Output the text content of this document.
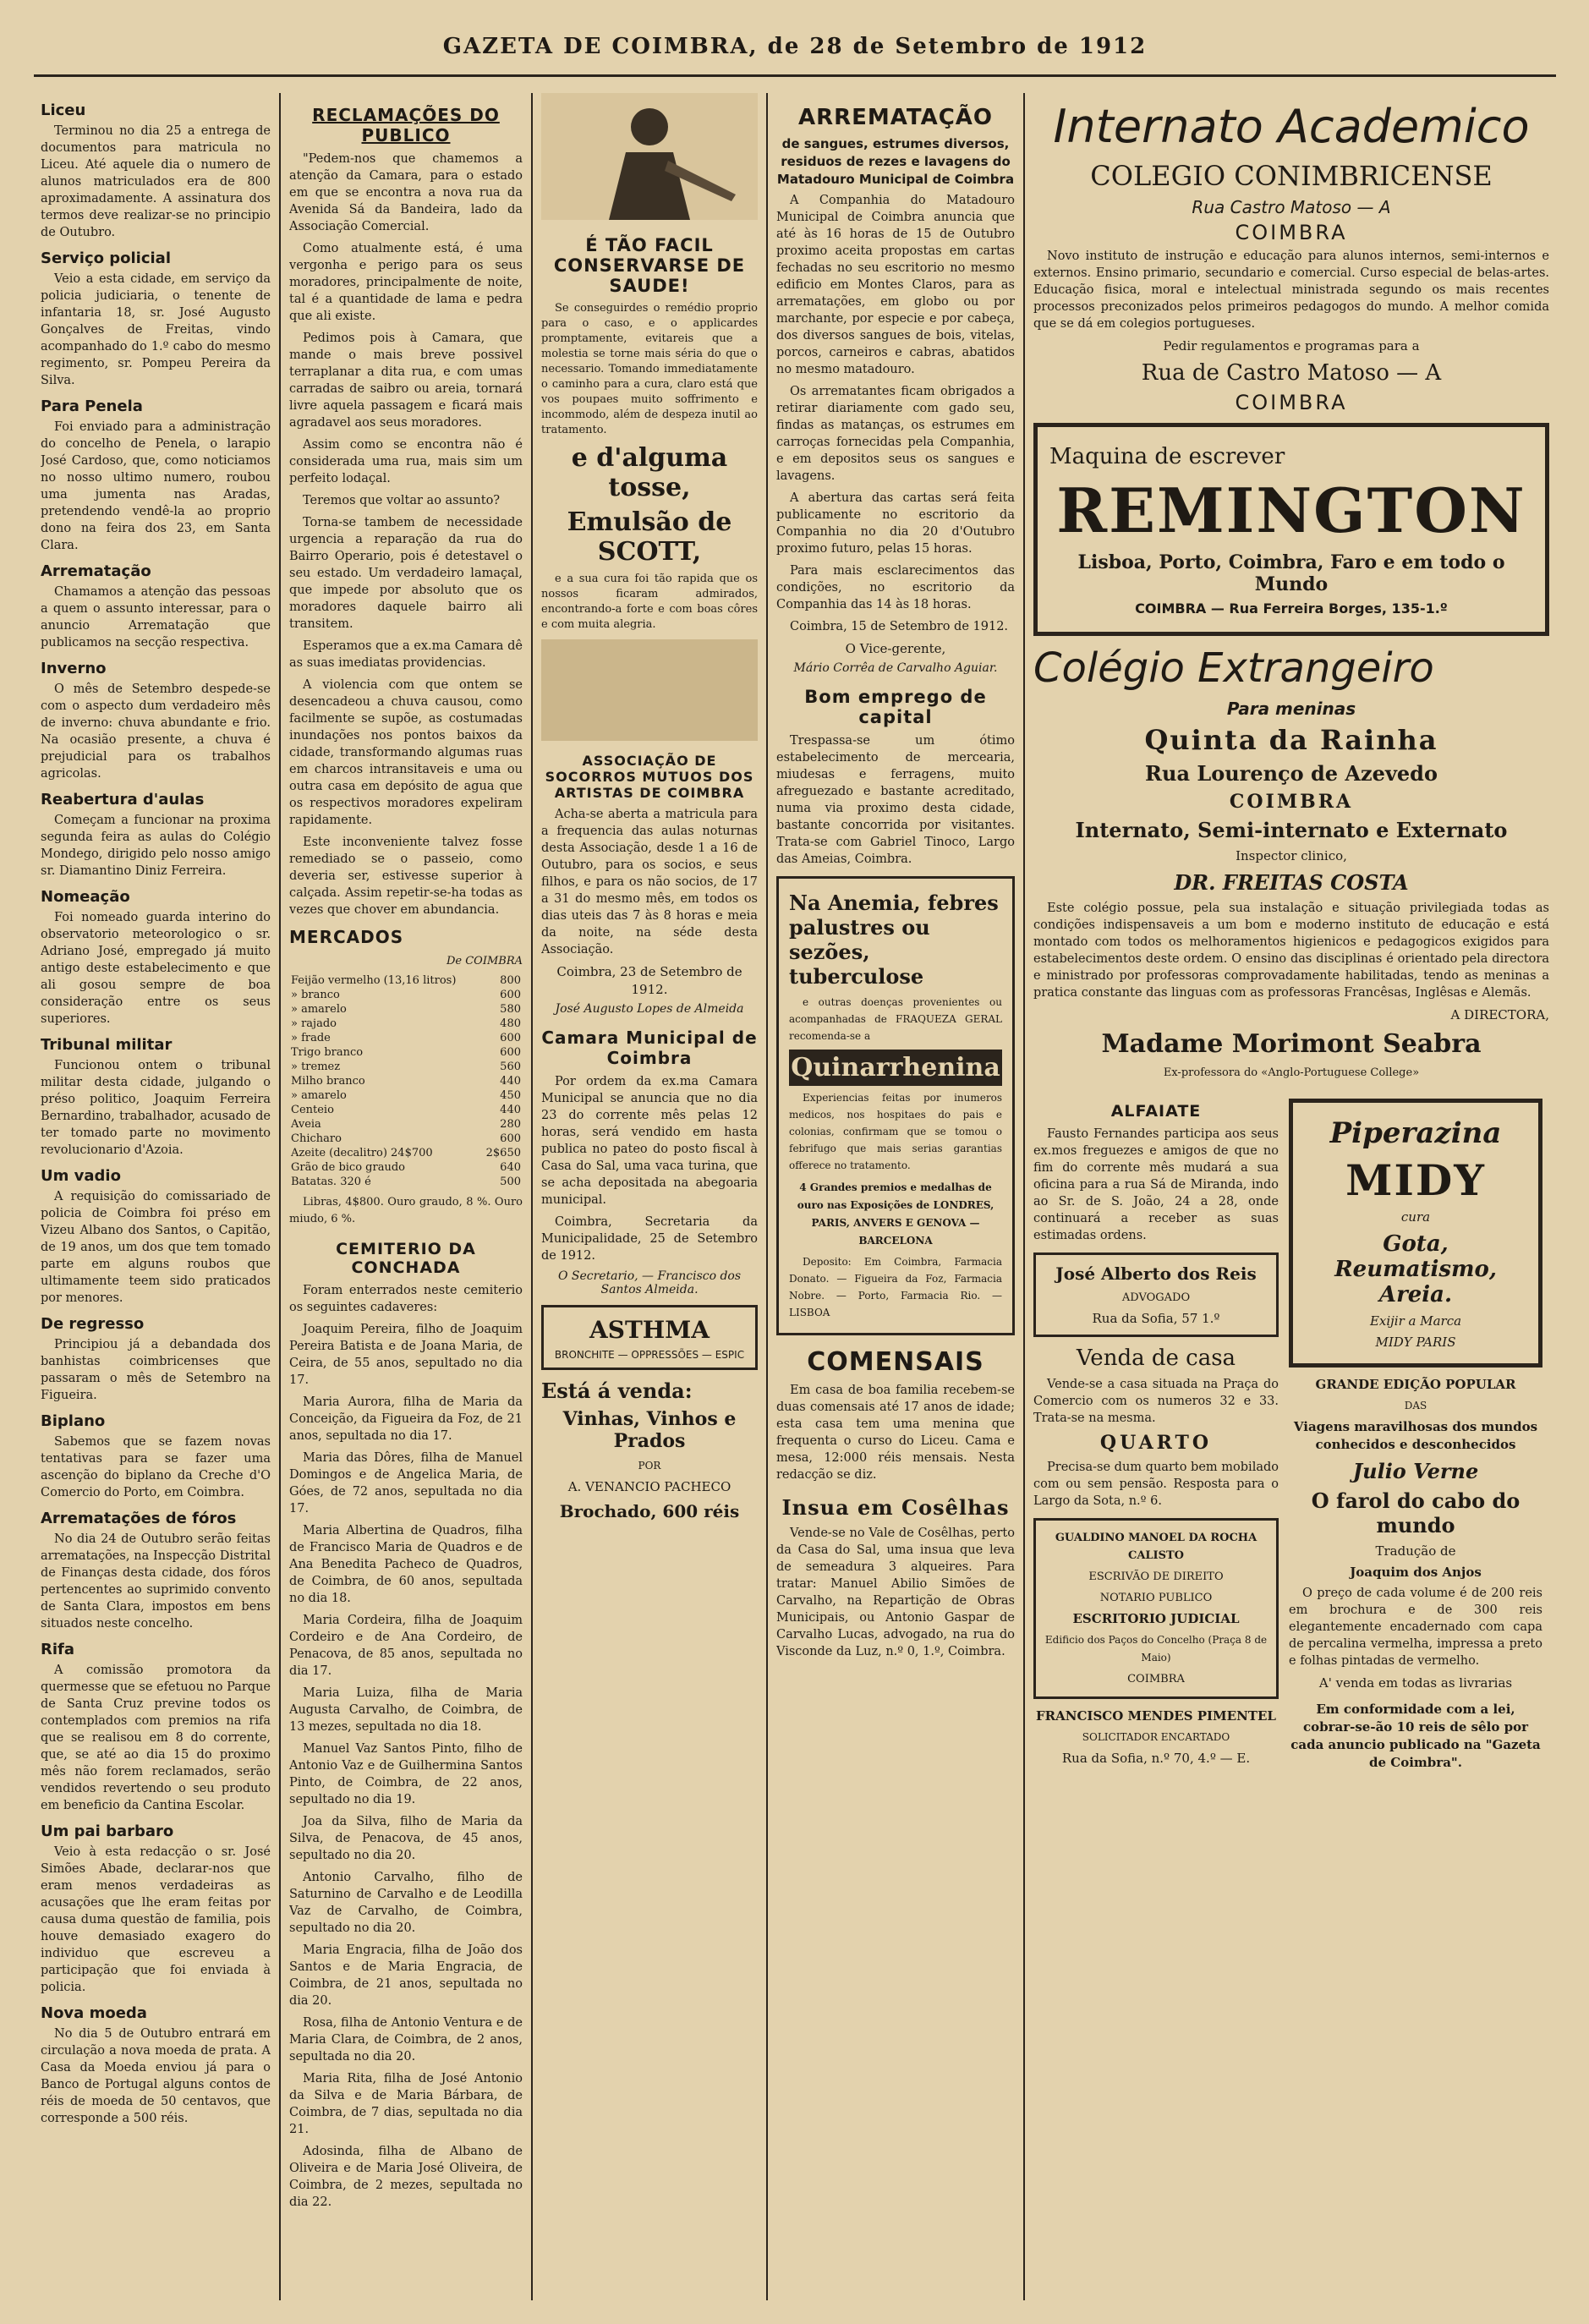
GAZETA DE COIMBRA, de 28 de Setembro de 1912
Liceu
Terminou no dia 25 a entrega de documentos para matricula no Liceu. Até aquele dia o numero de alunos matriculados era de 800 aproximadamente. A assinatura dos termos deve realizar-se no principio de Outubro.
Serviço policial
Veio a esta cidade, em serviço da policia judiciaria, o tenente de infantaria 18, sr. José Augusto Gonçalves de Freitas, vindo acompanhado do 1.º cabo do mesmo regimento, sr. Pompeu Pereira da Silva.
Para Penela
Foi enviado para a administração do concelho de Penela, o larapio José Cardoso, que, como noticiamos no nosso ultimo numero, roubou uma jumenta nas Aradas, pretendendo vendê-la ao proprio dono na feira dos 23, em Santa Clara.
Arrematação
Chamamos a atenção das pessoas a quem o assunto interessar, para o anuncio Arrematação que publicamos na secção respectiva.
Inverno
O mês de Setembro despede-se com o aspecto dum verdadeiro mês de inverno: chuva abundante e frio. Na ocasião presente, a chuva é prejudicial para os trabalhos agricolas.
Reabertura d'aulas
Começam a funcionar na proxima segunda feira as aulas do Colégio Mondego, dirigido pelo nosso amigo sr. Diamantino Diniz Ferreira.
Nomeação
Foi nomeado guarda interino do observatorio meteorologico o sr. Adriano José, empregado já muito antigo deste estabelecimento e que ali gosou sempre de boa consideração entre os seus superiores.
Tribunal militar
Funcionou ontem o tribunal militar desta cidade, julgando o préso politico, Joaquim Ferreira Bernardino, trabalhador, acusado de ter tomado parte no movimento revolucionario d'Azoia.
Um vadio
A requisição do comissariado de policia de Coimbra foi préso em Vizeu Albano dos Santos, o Capitão, de 19 anos, um dos que tem tomado parte em alguns roubos que ultimamente teem sido praticados por menores.
De regresso
Principiou já a debandada dos banhistas coimbricenses que passaram o mês de Setembro na Figueira.
Biplano
Sabemos que se fazem novas tentativas para se fazer uma ascenção do biplano da Creche d'O Comercio do Porto, em Coimbra.
Arrematações de fóros
No dia 24 de Outubro serão feitas arrematações, na Inspecção Distrital de Finanças desta cidade, dos fóros pertencentes ao suprimido convento de Santa Clara, impostos em bens situados neste concelho.
Rifa
A comissão promotora da quermesse que se efetuou no Parque de Santa Cruz previne todos os contemplados com premios na rifa que se realisou em 8 do corrente, que, se até ao dia 15 do proximo mês não forem reclamados, serão vendidos revertendo o seu produto em beneficio da Cantina Escolar.
Um pai barbaro
Veio à esta redacção o sr. José Simões Abade, declarar-nos que eram menos verdadeiras as acusações que lhe eram feitas por causa duma questão de familia, pois houve demasiado exagero do individuo que escreveu a participação que foi enviada à policia.
Nova moeda
No dia 5 de Outubro entrará em circulação a nova moeda de prata. A Casa da Moeda enviou já para o Banco de Portugal alguns contos de réis de moeda de 50 centavos, que corresponde a 500 réis.
RECLAMAÇÕES DO PUBLICO
"Pedem-nos que chamemos a atenção da Camara, para o estado em que se encontra a nova rua da Avenida Sá da Bandeira, lado da Associação Comercial.
Como atualmente está, é uma vergonha e perigo para os seus moradores, principalmente de noite, tal é a quantidade de lama e pedra que ali existe.
Pedimos pois à Camara, que mande o mais breve possivel terraplanar a dita rua, e com umas carradas de saibro ou areia, tornará livre aquela passagem e ficará mais agradavel aos seus moradores.
Assim como se encontra não é considerada uma rua, mais sim um perfeito lodaçal.
Teremos que voltar ao assunto?
Torna-se tambem de necessidade urgencia a reparação da rua do Bairro Operario, pois é detestavel o seu estado. Um verdadeiro lamaçal, que impede por absoluto que os moradores daquele bairro ali transitem.
Esperamos que a ex.ma Camara dê as suas imediatas providencias.
A violencia com que ontem se desencadeou a chuva causou, como facilmente se supõe, as costumadas inundações nos pontos baixos da cidade, transformando algumas ruas em charcos intransitaveis e uma ou outra casa em depósito de agua que os respectivos moradores expeliram rapidamente.
Este inconveniente talvez fosse remediado se o passeio, como deveria ser, estivesse superior à calçada. Assim repetir-se-ha todas as vezes que chover em abundancia.
MERCADOS
De COIMBRA
Feijão vermelho (13,16 litros)	800
» branco	600
» amarelo	580
» rajado	480
» frade	600
Trigo branco	600
» tremez	560
Milho branco	440
» amarelo	450
Centeio	440
Aveia	280
Chicharo	600
Azeite (decalitro) 24$700	2$650
Grão de bico graudo	640
Batatas. 320 é	500
Libras, 4$800. Ouro graudo, 8 %. Ouro miudo, 6 %.
CEMITERIO DA CONCHADA
Foram enterrados neste cemiterio os seguintes cadaveres:
Joaquim Pereira, filho de Joaquim Pereira Batista e de Joana Maria, de Ceira, de 55 anos, sepultado no dia 17.
Maria Aurora, filha de Maria da Conceição, da Figueira da Foz, de 21 anos, sepultada no dia 17.
Maria das Dôres, filha de Manuel Domingos e de Angelica Maria, de Góes, de 72 anos, sepultada no dia 17.
Maria Albertina de Quadros, filha de Francisco Maria de Quadros e de Ana Benedita Pacheco de Quadros, de Coimbra, de 60 anos, sepultada no dia 18.
Maria Cordeira, filha de Joaquim Cordeiro e de Ana Cordeiro, de Penacova, de 85 anos, sepultada no dia 17.
Maria Luiza, filha de Maria Augusta Carvalho, de Coimbra, de 13 mezes, sepultada no dia 18.
Manuel Vaz Santos Pinto, filho de Antonio Vaz e de Guilhermina Santos Pinto, de Coimbra, de 22 anos, sepultado no dia 19.
Joa da Silva, filho de Maria da Silva, de Penacova, de 45 anos, sepultado no dia 20.
Antonio Carvalho, filho de Saturnino de Carvalho e de Leodilla Vaz de Carvalho, de Coimbra, sepultado no dia 20.
Maria Engracia, filha de João dos Santos e de Maria Engracia, de Coimbra, de 21 anos, sepultada no dia 20.
Rosa, filha de Antonio Ventura e de Maria Clara, de Coimbra, de 2 anos, sepultada no dia 20.
Maria Rita, filha de José Antonio da Silva e de Maria Bárbara, de Coimbra, de 7 dias, sepultada no dia 21.
Adosinda, filha de Albano de Oliveira e de Maria José Oliveira, de Coimbra, de 2 mezes, sepultada no dia 22.
É TÃO FACIL CONSERVARSE DE SAUDE!
Se conseguirdes o remédio proprio para o caso, e o applicardes promptamente, evitareis que a molestia se torne mais séria do que o necessario. Tomando immediatamente o caminho para a cura, claro está que vos poupaes muito soffrimento e incommodo, além de despeza inutil ao tratamento.
e d'alguma tosse,
Emulsão de SCOTT,
e a sua cura foi tão rapida que os nossos ficaram admirados, encontrando-a forte e com boas côres e com muita alegria.
ASSOCIAÇÃO DE SOCORROS MUTUOS DOS ARTISTAS DE COIMBRA
Acha-se aberta a matricula para a frequencia das aulas noturnas desta Associação, desde 1 a 16 de Outubro, para os socios, e seus filhos, e para os não socios, de 17 a 31 do mesmo mês, em todos os dias uteis das 7 às 8 horas e meia da noite, na séde desta Associação.
Coimbra, 23 de Setembro de 1912.
José Augusto Lopes de Almeida
Camara Municipal de Coimbra
Por ordem da ex.ma Camara Municipal se anuncia que no dia 23 do corrente mês pelas 12 horas, será vendido em hasta publica no pateo do posto fiscal à Casa do Sal, uma vaca turina, que se acha depositada na abegoaria municipal.
Coimbra, Secretaria da Municipalidade, 25 de Setembro de 1912.
O Secretario, — Francisco dos Santos Almeida.
ASTHMA
BRONCHITE — OPPRESSÕES — ESPIC
Está á venda:
Vinhas, Vinhos e Prados
POR
A. VENANCIO PACHECO
Brochado, 600 réis
ARREMATAÇÃO
de sangues, estrumes diversos, residuos de rezes e lavagens do Matadouro Municipal de Coimbra
A Companhia do Matadouro Municipal de Coimbra anuncia que até às 16 horas de 15 de Outubro proximo aceita propostas em cartas fechadas no seu escritorio no mesmo edificio em Montes Claros, para as arrematações, em globo ou por marchante, por especie e por cabeça, dos diversos sangues de bois, vitelas, porcos, carneiros e cabras, abatidos no mesmo matadouro.
Os arrematantes ficam obrigados a retirar diariamente com gado seu, findas as matanças, os estrumes em carroças fornecidas pela Companhia, e em depositos seus os sangues e lavagens.
A abertura das cartas será feita publicamente no escritorio da Companhia no dia 20 d'Outubro proximo futuro, pelas 15 horas.
Para mais esclarecimentos das condições, no escritorio da Companhia das 14 às 18 horas.
Coimbra, 15 de Setembro de 1912.
O Vice-gerente,
Mário Corrêa de Carvalho Aguiar.
Bom emprego de capital
Trespassa-se um ótimo estabelecimento de mercearia, miudesas e ferragens, muito afreguezado e bastante acreditado, numa via proximo desta cidade, bastante concorrida por visitantes. Trata-se com Gabriel Tinoco, Largo das Ameias, Coimbra.
Na Anemia, febres palustres ou sezões, tuberculose
e outras doenças provenientes ou acompanhadas de FRAQUEZA GERAL recomenda-se a
Quinarrhenina
Experiencias feitas por inumeros medicos, nos hospitaes do pais e colonias, confirmam que se tomou o febrifugo que mais serias garantias offerece no tratamento.
4 Grandes premios e medalhas de ouro nas Exposições de LONDRES, PARIS, ANVERS E GENOVA — BARCELONA
Deposito: Em Coimbra, Farmacia Donato. — Figueira da Foz, Farmacia Nobre. — Porto, Farmacia Rio. — LISBOA
COMENSAIS
Em casa de boa familia recebem-se duas comensais até 17 anos de idade; esta casa tem uma menina que frequenta o curso do Liceu. Cama e mesa, 12:000 réis mensais. Nesta redacção se diz.
Insua em Cosêlhas
Vende-se no Vale de Cosêlhas, perto da Casa do Sal, uma insua que leva de semeadura 3 alqueires. Para tratar: Manuel Abilio Simões de Carvalho, na Repartição de Obras Municipais, ou Antonio Gaspar de Carvalho Lucas, advogado, na rua do Visconde da Luz, n.º 0, 1.º, Coimbra.
Internato Academico
COLEGIO CONIMBRICENSE
Rua Castro Matoso — A
COIMBRA
Novo instituto de instrução e educação para alunos internos, semi-internos e externos. Ensino primario, secundario e comercial. Curso especial de belas-artes. Educação fisica, moral e intelectual ministrada segundo os mais recentes processos preconizados pelos primeiros pedagogos do mundo. A melhor comida que se dá em colegios portugueses.
Pedir regulamentos e programas para a
Rua de Castro Matoso — A
COIMBRA
Maquina de escrever
REMINGTON
Lisboa, Porto, Coimbra, Faro e em todo o Mundo
COIMBRA — Rua Ferreira Borges, 135-1.º
Colégio Extrangeiro
Para meninas
Quinta da Rainha
Rua Lourenço de Azevedo
COIMBRA
Internato, Semi-internato e Externato
Inspector clinico,
DR. FREITAS COSTA
Este colégio possue, pela sua instalação e situação privilegiada todas as condições indispensaveis a um bom e moderno instituto de educação e está montado com todos os melhoramentos higienicos e pedagogicos exigidos para estabelecimentos deste ordem. O ensino das disciplinas é orientado pela directora e ministrado por professoras comprovadamente habilitadas, tendo as meninas a pratica constante das linguas com as professoras Francêsas, Inglêsas e Alemãs.
A DIRECTORA,
Madame Morimont Seabra
Ex-professora do «Anglo-Portuguese College»
ALFAIATE
Fausto Fernandes participa aos seus ex.mos freguezes e amigos de que no fim do corrente mês mudará a sua oficina para a rua Sá de Miranda, indo ao Sr. de S. João, 24 a 28, onde continuará a receber as suas estimadas ordens.
José Alberto dos Reis
ADVOGADO
Rua da Sofia, 57 1.º
Venda de casa
Vende-se a casa situada na Praça do Comercio com os numeros 32 e 33. Trata-se na mesma.
QUARTO
Precisa-se dum quarto bem mobilado com ou sem pensão. Resposta para o Largo da Sota, n.º 6.
GUALDINO MANOEL DA ROCHA CALISTO
ESCRIVÃO DE DIREITO
NOTARIO PUBLICO
ESCRITORIO JUDICIAL
Edificio dos Paços do Concelho (Praça 8 de Maio)
COIMBRA
FRANCISCO MENDES PIMENTEL
SOLICITADOR ENCARTADO
Rua da Sofia, n.º 70, 4.º — E.
Piperazina
MIDY
cura
Gota, Reumatismo, Areia.
Exijir a Marca
MIDY PARIS
GRANDE EDIÇÃO POPULAR
DAS
Viagens maravilhosas dos mundos conhecidos e desconhecidos
Julio Verne
O farol do cabo do mundo
Tradução de
Joaquim dos Anjos
O preço de cada volume é de 200 reis em brochura e de 300 reis elegantemente encadernado com capa de percalina vermelha, impressa a preto e folhas pintadas de vermelho.
A' venda em todas as livrarias
Em conformidade com a lei, cobrar-se-ão 10 reis de sêlo por cada anuncio publicado na "Gazeta de Coimbra".
